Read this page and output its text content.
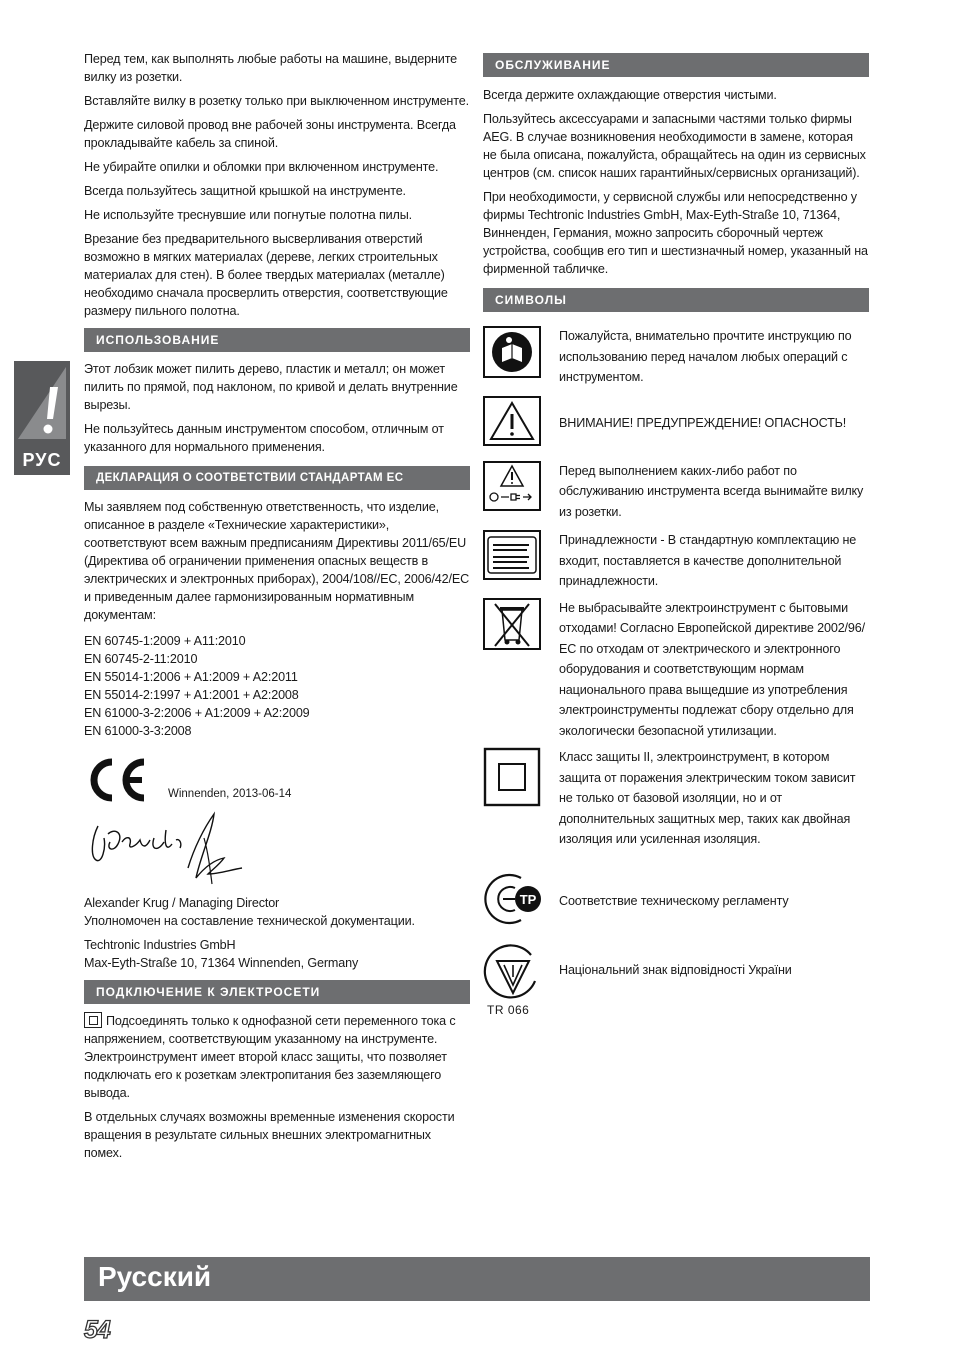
РУС

Перед тем, как выполнять любые работы на машине, выдерните вилку из розетки.

Вставляйте вилку в розетку только при выключенном инструменте.

Держите силовой провод вне рабочей зоны инструмента. Всегда прокладывайте кабель за спиной.

Не убирайте опилки и обломки при включенном инструменте.

Всегда пользуйтесь защитной крышкой на инструменте.

Не используйте треснувшие или погнутые полотна пилы.

Врезание без предварительного высверливания отверстий возможно в мягких материалах (дереве, легких строительных материалах для стен). В более твердых материалах (металле) необходимо сначала просверлить отверстия, соответствующие размеру пильного полотна.

ИСПОЛЬЗОВАНИЕ

Этот лобзик может пилить дерево, пластик и металл; он может пилить по прямой, под наклоном, по кривой и делать внутренние вырезы.

Не пользуйтесь данным инструментом способом, отличным от указанного для нормального применения.

ДЕКЛАРАЦИЯ О СООТВЕТСТВИИ СТАНДАРТАМ ЕС

Мы заявляем под собственную ответственность, что изделие, описанное в разделе «Технические характеристики», соответствуют всем важным предписаниям Директивы 2011/65/EU (Директива об ограничении применения опасных веществ в электрических и электронных приборах), 2004/108//EC, 2006/42/EC и приведенным далее гармонизированным нормативным документам:

EN 60745-1:2009 + A11:2010

EN 60745-2-11:2010

EN 55014-1:2006 + A1:2009 + A2:2011

EN 55014-2:1997 + A1:2001 + A2:2008

EN 61000-3-2:2006 + A1:2009 + A2:2009

EN 61000-3-3:2008

Winnenden, 2013-06-14

Alexander Krug / Managing Director

Уполномочен на составление технической документации.

Techtronic Industries GmbH

Max-Eyth-Straße 10, 71364 Winnenden, Germany

ПОДКЛЮЧЕНИЕ К ЭЛЕКТРОСЕТИ

Подсоединять только к однофазной сети переменного тока с напряжением, соответствующим указанному на инструменте. Электроинструмент имеет второй класс защиты, что позволяет подключать его к розеткам электропитания без заземляющего вывода.

В отдельных случаях возможны временные изменения скорости вращения в результате сильных внешних электромагнитных помех.

ОБСЛУЖИВАНИЕ

Всегда держите охлаждающие отверстия чистыми.

Пользуйтесь аксессуарами и запасными частями только фирмы AEG. В случае возникновения необходимости в замене, которая не была описана, пожалуйста, обращайтесь на один из сервисных центров (см. список наших гарантийных/сервисных организаций).

При необходимости, у сервисной службы или непосредственно у фирмы Techtronic Industries GmbH, Max-Eyth-Straße 10, 71364, Винненден, Германия, можно запросить сборочный чертеж устройства, сообщив его тип и шестизначный номер, указанный на фирменной табличке.

СИМВОЛЫ

Пожалуйста, внимательно прочтите инструкцию по использованию перед началом любых операций с инструментом.

ВНИМАНИЕ! ПРЕДУПРЕЖДЕНИЕ! ОПАСНОСТЬ!

Перед выполнением каких-либо работ по обслуживанию инструмента всегда вынимайте вилку из розетки.

Принадлежности - В стандартную комплектацию не входит, поставляется в качестве дополнительной принадлежности.

Не выбрасывайте электроинструмент с бытовыми отходами! Согласно Европейской директиве 2002/96/ЕС по отходам от электрического и электронного оборудования и соответствующим нормам национального права выщедшие из употребления электроинструменты подлежат сбору отдельно для экологически безопасной утилизации.

Класс защиты II, электроинструмент, в котором защита от поражения электрическим током зависит не только от базовой изоляции, но и от дополнительных защитных мер, таких как двойная изоляция или усиленная изоляция.

ТР Соответствие техническому регламенту

TR 066

Національний знак відповідності України

Русский
54
